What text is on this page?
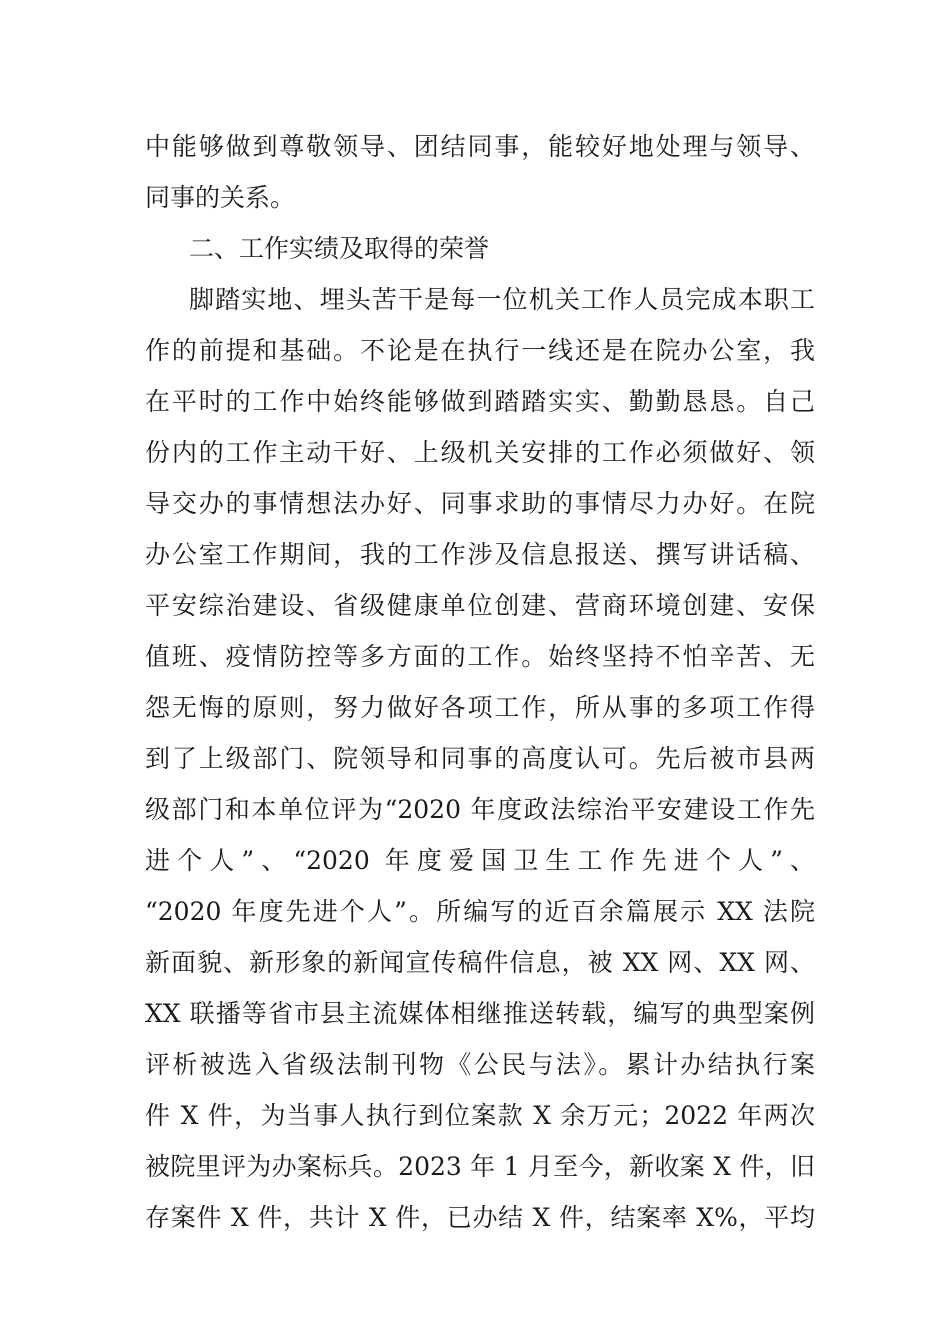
中能够做到尊敬领导、团结同事，能较好地处理与领导、
同事的关系。
二、工作实绩及取得的荣誉
脚踏实地、埋头苦干是每一位机关工作人员完成本职工
作的前提和基础。不论是在执行一线还是在院办公室，我
在平时的工作中始终能够做到踏踏实实、勤勤恳恳。自己
份内的工作主动干好、上级机关安排的工作必须做好、领
导交办的事情想法办好、同事求助的事情尽力办好。在院
办公室工作期间，我的工作涉及信息报送、撰写讲话稿、
平安综治建设、省级健康单位创建、营商环境创建、安保
值班、疫情防控等多方面的工作。始终坚持不怕辛苦、无
怨无悔的原则，努力做好各项工作，所从事的多项工作得
到了上级部门、院领导和同事的高度认可。先后被市县两
级部门和本单位评为“2020 年度政法综治平安建设工作先
进个人”、“2020 年度爱国卫生工作先进个人”、
“2020 年度先进个人”。所编写的近百余篇展示 XX 法院
新面貌、新形象的新闻宣传稿件信息，被 XX 网、XX 网、
XX 联播等省市县主流媒体相继推送转载，编写的典型案例
评析被选入省级法制刊物《公民与法》。累计办结执行案
件 X 件，为当事人执行到位案款 X 余万元；2022 年两次
被院里评为办案标兵。2023 年 1 月至今，新收案 X 件，旧
存案件 X 件，共计 X 件，已办结 X 件，结案率 X%，平均
